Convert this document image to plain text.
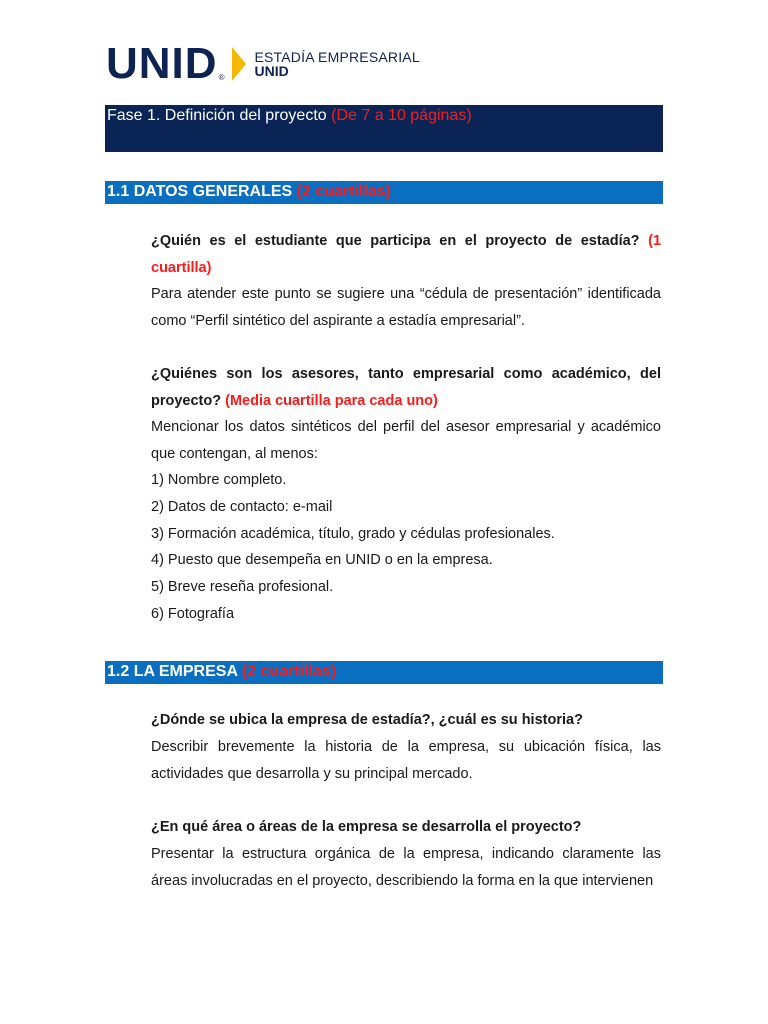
UNID ®
ESTADÍA EMPRESARIAL
UNID
Fase 1. Definición del proyecto (De 7 a 10 páginas)
1.1 DATOS GENERALES (2 cuartillas)
¿Quién es el estudiante que participa en el proyecto de estadía? (1 cuartilla)
Para atender este punto se sugiere una “cédula de presentación” identificada como “Perfil sintético del aspirante a estadía empresarial”.
¿Quiénes son los asesores, tanto empresarial como académico, del proyecto? (Media cuartilla para cada uno)
Mencionar los datos sintéticos del perfil del asesor empresarial y académico que contengan, al menos:
1) Nombre completo.
2) Datos de contacto: e-mail
3) Formación académica, título, grado y cédulas profesionales.
4) Puesto que desempeña en UNID o en la empresa.
5) Breve reseña profesional.
6) Fotografía
1.2 LA EMPRESA (2 cuartillas)
¿Dónde se ubica la empresa de estadía?, ¿cuál es su historia?
Describir brevemente la historia de la empresa, su ubicación física, las actividades que desarrolla y su principal mercado.
¿En qué área o áreas de la empresa se desarrolla el proyecto?
Presentar la estructura orgánica de la empresa, indicando claramente las áreas involucradas en el proyecto, describiendo la forma en la que intervienen
